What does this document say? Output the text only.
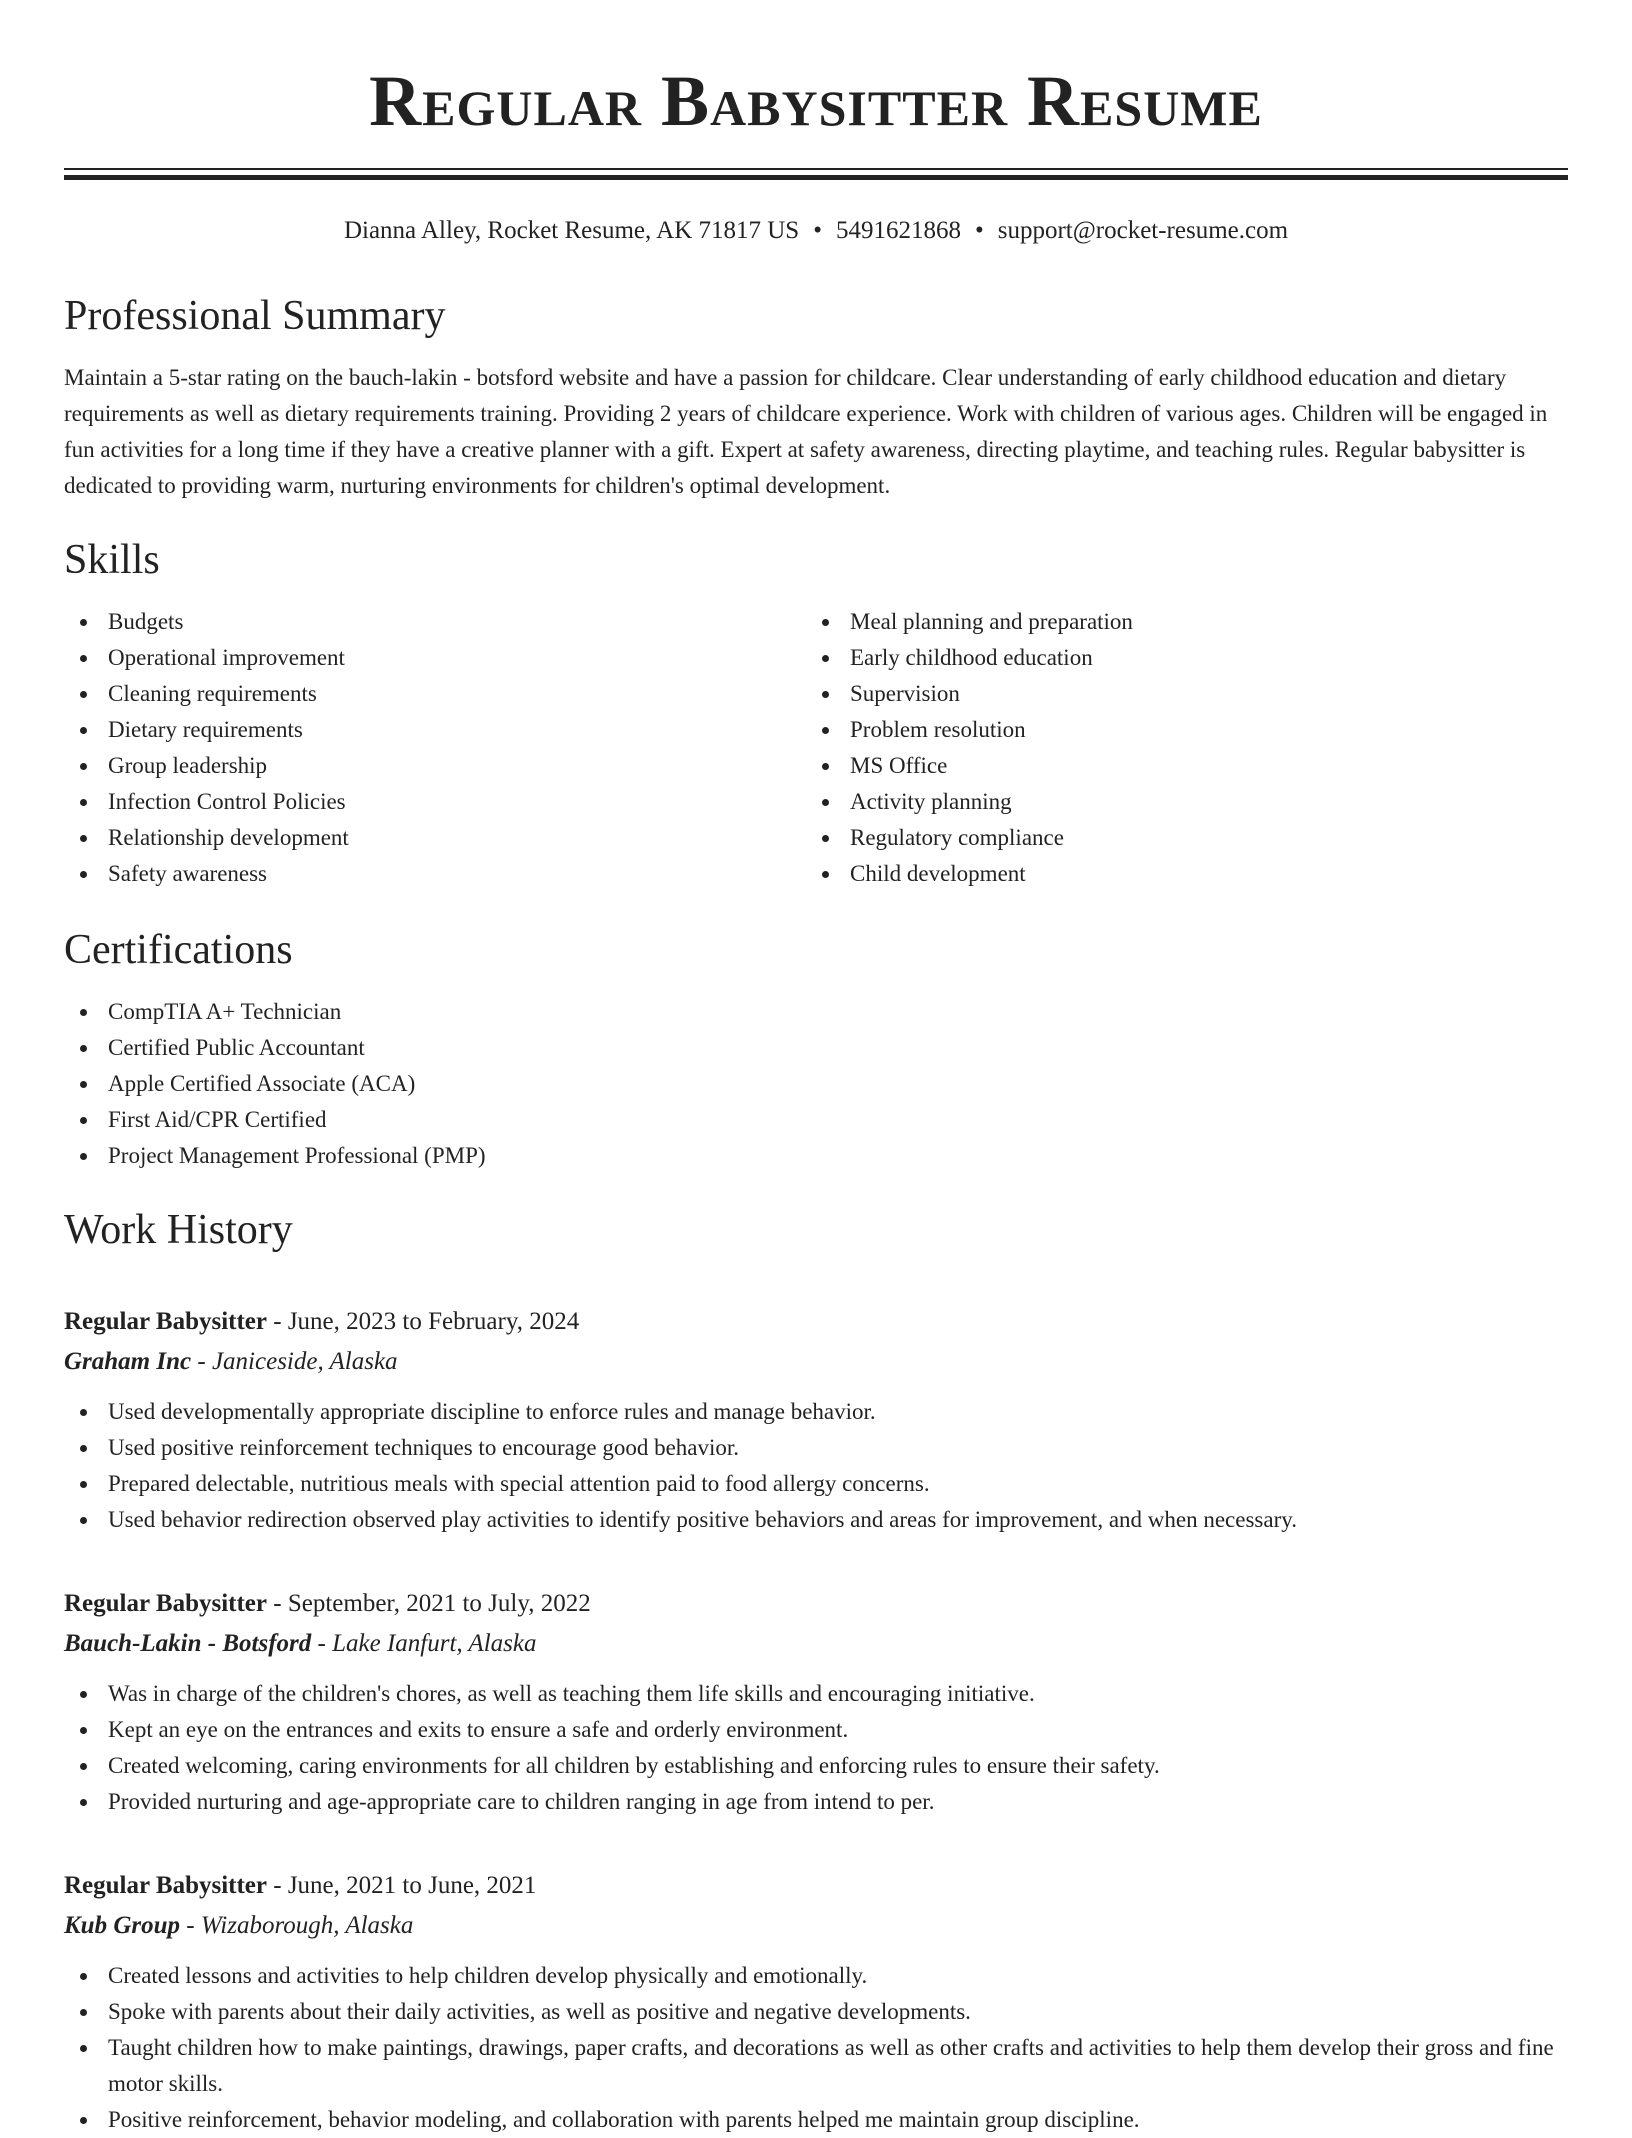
Regular Babysitter Resume
Dianna Alley, Rocket Resume, AK 71817 US • 5491621868 • support@rocket-resume.com
Professional Summary

Maintain a 5-star rating on the bauch-lakin - botsford website and have a passion for childcare. Clear understanding of early childhood education and dietary requirements as well as dietary requirements training. Providing 2 years of childcare experience. Work with children of various ages. Children will be engaged in fun activities for a long time if they have a creative planner with a gift. Expert at safety awareness, directing playtime, and teaching rules. Regular babysitter is dedicated to providing warm, nurturing environments for children's optimal development.

Skills
Budgets
Operational improvement
Cleaning requirements
Dietary requirements
Group leadership
Infection Control Policies
Relationship development
Safety awareness
Meal planning and preparation
Early childhood education
Supervision
Problem resolution
MS Office
Activity planning
Regulatory compliance
Child development
Certifications
CompTIA A+ Technician
Certified Public Accountant
Apple Certified Associate (ACA)
First Aid/CPR Certified
Project Management Professional (PMP)
Work History
Regular Babysitter - June, 2023 to February, 2024
Graham Inc - Janiceside, Alaska
Used developmentally appropriate discipline to enforce rules and manage behavior.
Used positive reinforcement techniques to encourage good behavior.
Prepared delectable, nutritious meals with special attention paid to food allergy concerns.
Used behavior redirection observed play activities to identify positive behaviors and areas for improvement, and when necessary.
Regular Babysitter - September, 2021 to July, 2022
Bauch-Lakin - Botsford - Lake Ianfurt, Alaska
Was in charge of the children's chores, as well as teaching them life skills and encouraging initiative.
Kept an eye on the entrances and exits to ensure a safe and orderly environment.
Created welcoming, caring environments for all children by establishing and enforcing rules to ensure their safety.
Provided nurturing and age-appropriate care to children ranging in age from intend to per.
Regular Babysitter - June, 2021 to June, 2021
Kub Group - Wizaborough, Alaska
Created lessons and activities to help children develop physically and emotionally.
Spoke with parents about their daily activities, as well as positive and negative developments.
Taught children how to make paintings, drawings, paper crafts, and decorations as well as other crafts and activities to help them develop their gross and fine motor skills.
Positive reinforcement, behavior modeling, and collaboration with parents helped me maintain group discipline.
